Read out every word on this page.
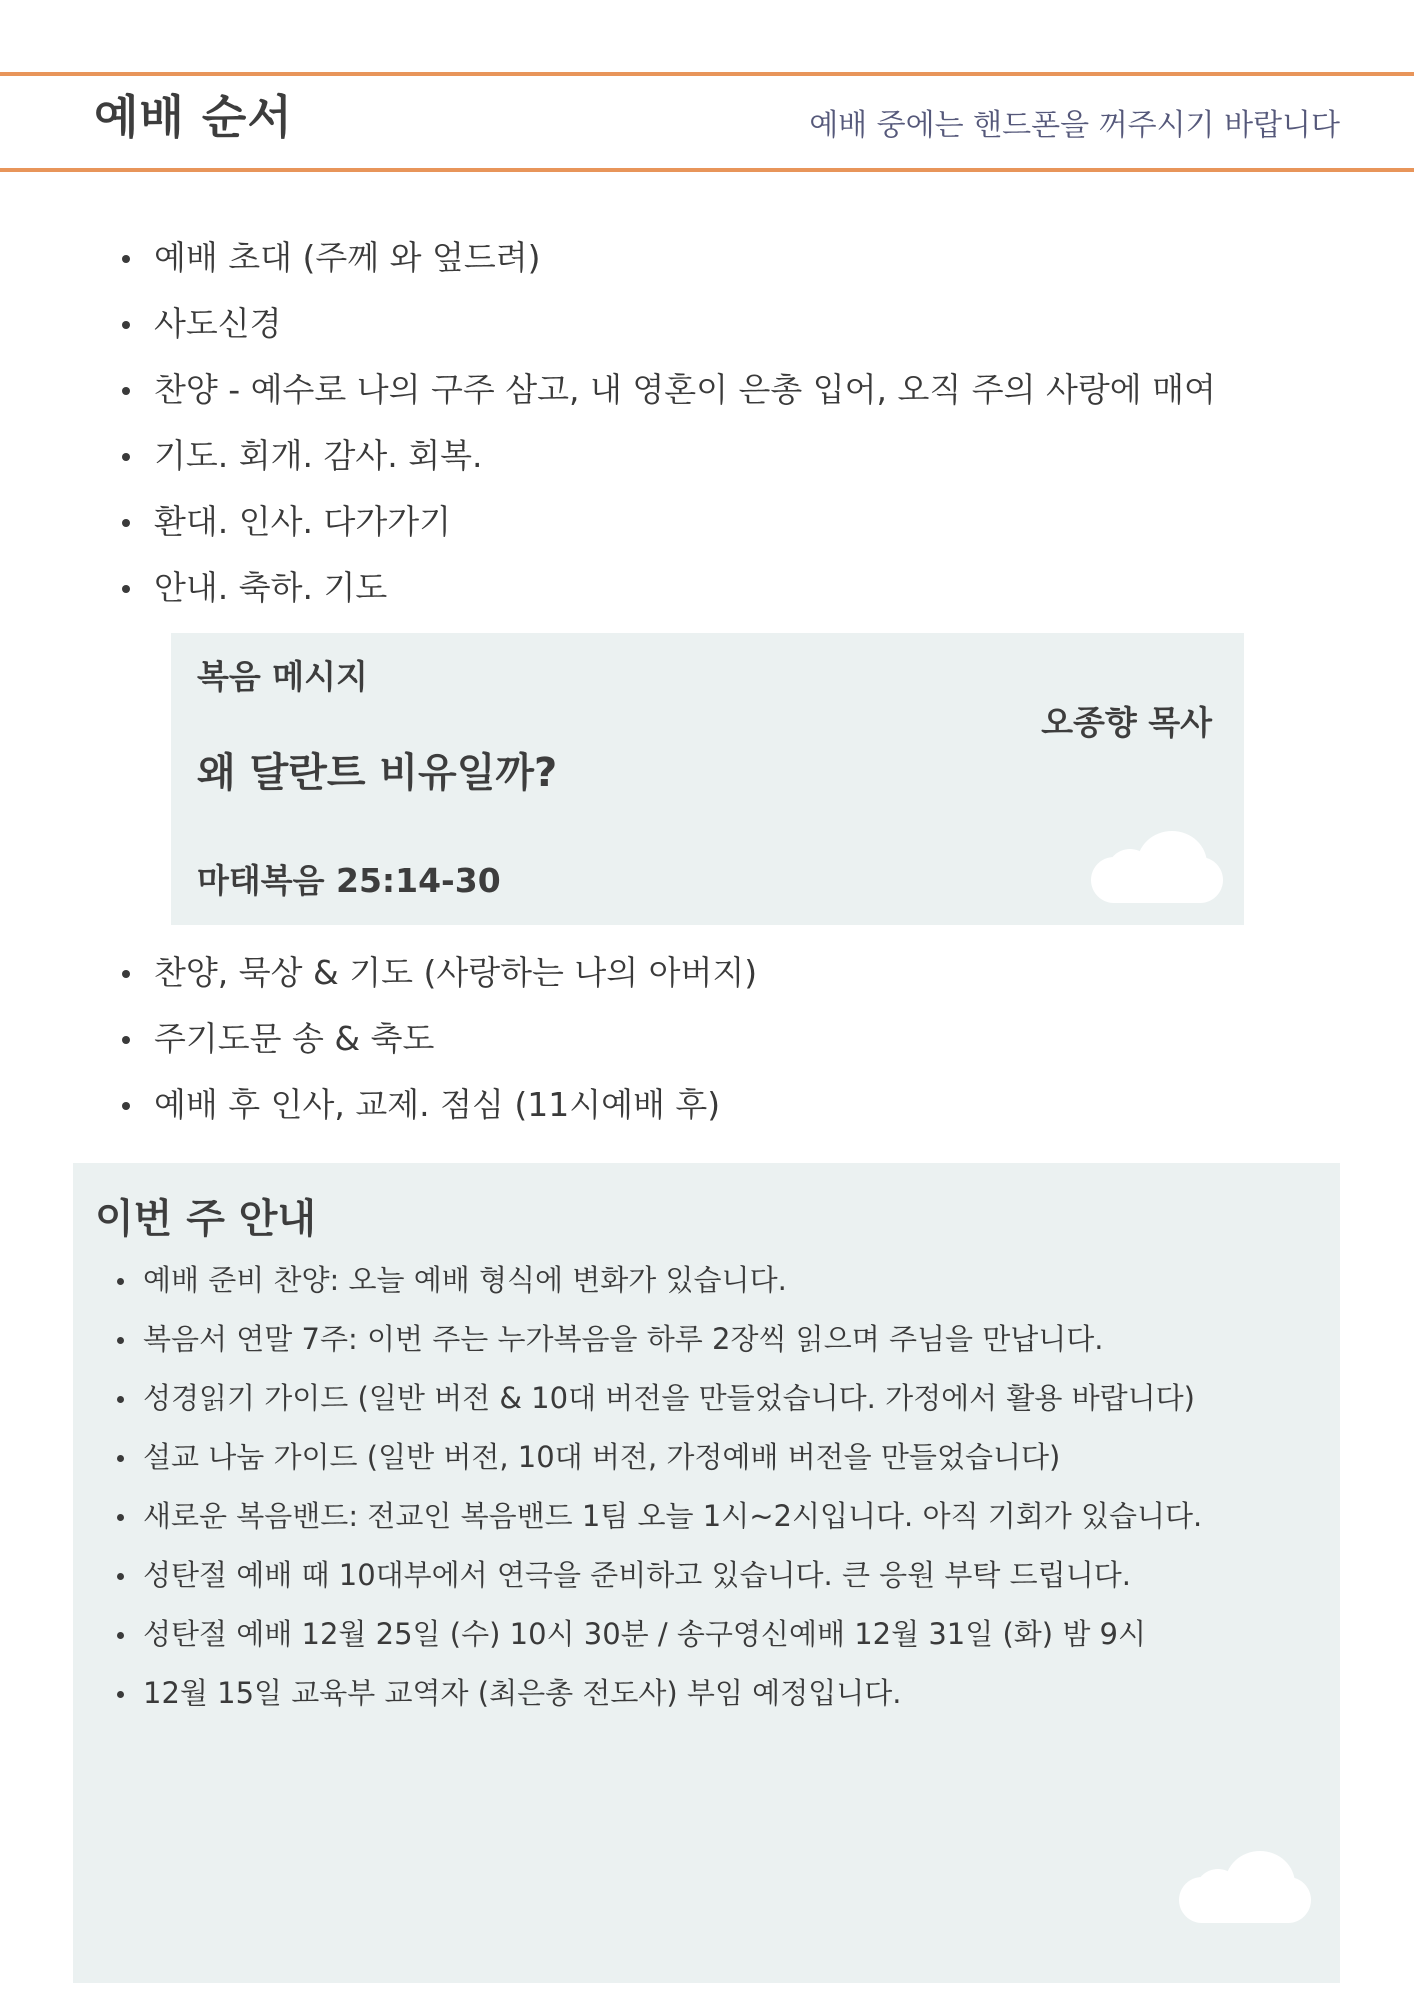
예배 순서	예배 중에는 핸드폰을 꺼주시기 바랍니다
예배 초대 (주께 와 엎드려)
사도신경
찬양 - 예수로 나의 구주 삼고, 내 영혼이 은총 입어, 오직 주의 사랑에 매여
기도. 회개. 감사. 회복.
환대. 인사. 다가가기
안내. 축하. 기도
복음 메시지
오종향 목사
왜 달란트 비유일까?
마태복음 25:14-30
찬양, 묵상 & 기도 (사랑하는 나의 아버지)
주기도문 송 & 축도
예배 후 인사, 교제. 점심 (11시예배 후)
이번 주 안내
예배 준비 찬양: 오늘 예배 형식에 변화가 있습니다.
복음서 연말 7주: 이번 주는 누가복음을 하루 2장씩 읽으며 주님을 만납니다.
성경읽기 가이드 (일반 버전 & 10대 버전을 만들었습니다. 가정에서 활용 바랍니다)
설교 나눔 가이드 (일반 버전, 10대 버전, 가정예배 버전을 만들었습니다)
새로운 복음밴드: 전교인 복음밴드 1팀 오늘 1시~2시입니다. 아직 기회가 있습니다.
성탄절 예배 때 10대부에서 연극을 준비하고 있습니다. 큰 응원 부탁 드립니다.
성탄절 예배 12월 25일 (수) 10시 30분 / 송구영신예배 12월 31일 (화) 밤 9시
12월 15일 교육부 교역자 (최은총 전도사) 부임 예정입니다.
